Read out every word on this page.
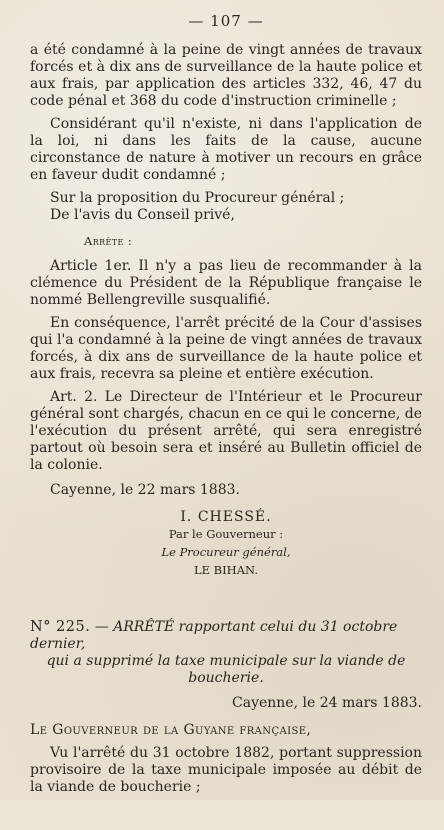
— 107 —

a été condamné à la peine de vingt années de travaux forcés et à dix ans de surveillance de la haute police et aux frais, par application des articles 332, 46, 47 du code pénal et 368 du code d'instruction criminelle ;

Considérant qu'il n'existe, ni dans l'application de la loi, ni dans les faits de la cause, aucune circonstance de nature à motiver un recours en grâce en faveur dudit condamné ;

Sur la proposition du Procureur général ;

De l'avis du Conseil privé,

Arrête :

Article 1er. Il n'y a pas lieu de recommander à la clémence du Président de la République française le nommé Bellengreville susqualifié.

En conséquence, l'arrêt précité de la Cour d'assises qui l'a condamné à la peine de vingt années de travaux forcés, à dix ans de surveillance de la haute police et aux frais, recevra sa pleine et entière exécution.

Art. 2. Le Directeur de l'Intérieur et le Procureur général sont chargés, chacun en ce qui le concerne, de l'exécution du présent arrêté, qui sera enregistré partout où besoin sera et inséré au Bulletin officiel de la colonie.

Cayenne, le 22 mars 1883.
I. CHESSÉ.
Par le Gouverneur :
Le Procureur général,
LE BIHAN.
N° 225. — ARRÊTÉ rapportant celui du 31 octobre dernier,
qui a supprimé la taxe municipale sur la viande de boucherie.
Cayenne, le 24 mars 1883.
Le Gouverneur de la Guyane française,

Vu l'arrêté du 31 octobre 1882, portant suppression provisoire de la taxe municipale imposée au débit de la viande de boucherie ;
